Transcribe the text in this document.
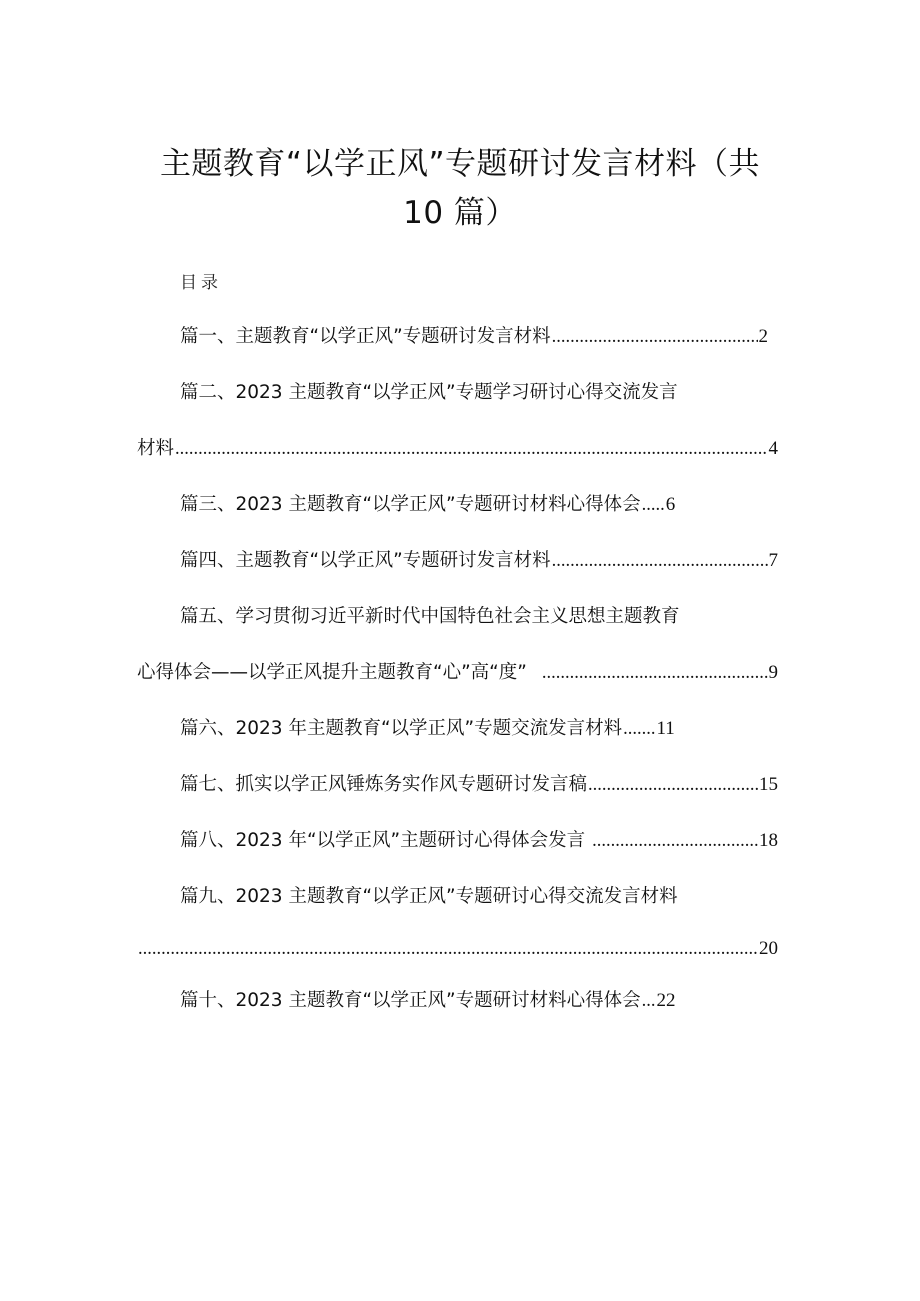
主题教育“以学正风”专题研讨发言材料（共
10 篇）
目录
篇一、主题教育“以学正风”专题研讨发言材料 .....	2
篇二、2023 主题教育“以学正风”专题学习研讨心得交流发言
材料 .....	4
篇三、2023 主题教育“以学正风”专题研讨材料心得体会 ..... 6
篇四、主题教育“以学正风”专题研讨发言材料 .....	7
篇五、学习贯彻习近平新时代中国特色社会主义思想主题教育
心得体会——以学正风提升主题教育“心”高“度” .....	9
篇六、2023 年主题教育“以学正风”专题交流发言材料 ....... 11
篇七、抓实以学正风锤炼务实作风专题研讨发言稿 .....	15
篇八、2023 年“以学正风”主题研讨心得体会发言 .....	18
篇九、2023 主题教育“以学正风”专题研讨心得交流发言材料
.....
20
篇十、2023 主题教育“以学正风”专题研讨材料心得体会 ... 22
